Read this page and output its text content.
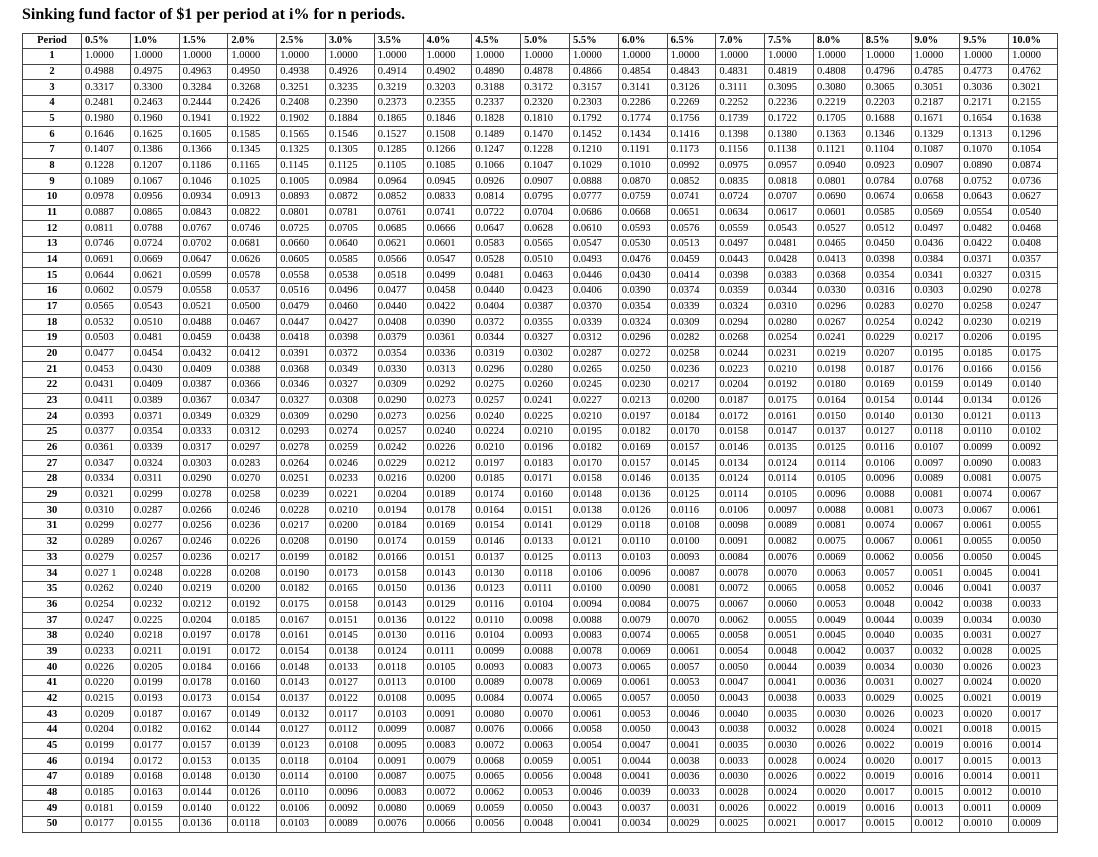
Sinking fund factor of $1 per period at i% for n periods.
Period	0.5%	1.0%	1.5%	2.0%	2.5%	3.0%	3.5%	4.0%	4.5%	5.0%	5.5%	6.0%	6.5%	7.0%	7.5%	8.0%	8.5%	9.0%	9.5%	10.0%
1	1.0000	1.0000	1.0000	1.0000	1.0000	1.0000	1.0000	1.0000	1.0000	1.0000	1.0000	1.0000	1.0000	1.0000	1.0000	1.0000	1.0000	1.0000	1.0000	1.0000
2	0.4988	0.4975	0.4963	0.4950	0.4938	0.4926	0.4914	0.4902	0.4890	0.4878	0.4866	0.4854	0.4843	0.4831	0.4819	0.4808	0.4796	0.4785	0.4773	0.4762
3	0.3317	0.3300	0.3284	0.3268	0.3251	0.3235	0.3219	0.3203	0.3188	0.3172	0.3157	0.3141	0.3126	0.3111	0.3095	0.3080	0.3065	0.3051	0.3036	0.3021
4	0.2481	0.2463	0.2444	0.2426	0.2408	0.2390	0.2373	0.2355	0.2337	0.2320	0.2303	0.2286	0.2269	0.2252	0.2236	0.2219	0.2203	0.2187	0.2171	0.2155
5	0.1980	0.1960	0.1941	0.1922	0.1902	0.1884	0.1865	0.1846	0.1828	0.1810	0.1792	0.1774	0.1756	0.1739	0.1722	0.1705	0.1688	0.1671	0.1654	0.1638
6	0.1646	0.1625	0.1605	0.1585	0.1565	0.1546	0.1527	0.1508	0.1489	0.1470	0.1452	0.1434	0.1416	0.1398	0.1380	0.1363	0.1346	0.1329	0.1313	0.1296
7	0.1407	0.1386	0.1366	0.1345	0.1325	0.1305	0.1285	0.1266	0.1247	0.1228	0.1210	0.1191	0.1173	0.1156	0.1138	0.1121	0.1104	0.1087	0.1070	0.1054
8	0.1228	0.1207	0.1186	0.1165	0.1145	0.1125	0.1105	0.1085	0.1066	0.1047	0.1029	0.1010	0.0992	0.0975	0.0957	0.0940	0.0923	0.0907	0.0890	0.0874
9	0.1089	0.1067	0.1046	0.1025	0.1005	0.0984	0.0964	0.0945	0.0926	0.0907	0.0888	0.0870	0.0852	0.0835	0.0818	0.0801	0.0784	0.0768	0.0752	0.0736
10	0.0978	0.0956	0.0934	0.0913	0.0893	0.0872	0.0852	0.0833	0.0814	0.0795	0.0777	0.0759	0.0741	0.0724	0.0707	0.0690	0.0674	0.0658	0.0643	0.0627
11	0.0887	0.0865	0.0843	0.0822	0.0801	0.0781	0.0761	0.0741	0.0722	0.0704	0.0686	0.0668	0.0651	0.0634	0.0617	0.0601	0.0585	0.0569	0.0554	0.0540
12	0.0811	0.0788	0.0767	0.0746	0.0725	0.0705	0.0685	0.0666	0.0647	0.0628	0.0610	0.0593	0.0576	0.0559	0.0543	0.0527	0.0512	0.0497	0.0482	0.0468
13	0.0746	0.0724	0.0702	0.0681	0.0660	0.0640	0.0621	0.0601	0.0583	0.0565	0.0547	0.0530	0.0513	0.0497	0.0481	0.0465	0.0450	0.0436	0.0422	0.0408
14	0.0691	0.0669	0.0647	0.0626	0.0605	0.0585	0.0566	0.0547	0.0528	0.0510	0.0493	0.0476	0.0459	0.0443	0.0428	0.0413	0.0398	0.0384	0.0371	0.0357
15	0.0644	0.0621	0.0599	0.0578	0.0558	0.0538	0.0518	0.0499	0.0481	0.0463	0.0446	0.0430	0.0414	0.0398	0.0383	0.0368	0.0354	0.0341	0.0327	0.0315
16	0.0602	0.0579	0.0558	0.0537	0.0516	0.0496	0.0477	0.0458	0.0440	0.0423	0.0406	0.0390	0.0374	0.0359	0.0344	0.0330	0.0316	0.0303	0.0290	0.0278
17	0.0565	0.0543	0.0521	0.0500	0.0479	0.0460	0.0440	0.0422	0.0404	0.0387	0.0370	0.0354	0.0339	0.0324	0.0310	0.0296	0.0283	0.0270	0.0258	0.0247
18	0.0532	0.0510	0.0488	0.0467	0.0447	0.0427	0.0408	0.0390	0.0372	0.0355	0.0339	0.0324	0.0309	0.0294	0.0280	0.0267	0.0254	0.0242	0.0230	0.0219
19	0.0503	0.0481	0.0459	0.0438	0.0418	0.0398	0.0379	0.0361	0.0344	0.0327	0.0312	0.0296	0.0282	0.0268	0.0254	0.0241	0.0229	0.0217	0.0206	0.0195
20	0.0477	0.0454	0.0432	0.0412	0.0391	0.0372	0.0354	0.0336	0.0319	0.0302	0.0287	0.0272	0.0258	0.0244	0.0231	0.0219	0.0207	0.0195	0.0185	0.0175
21	0.0453	0.0430	0.0409	0.0388	0.0368	0.0349	0.0330	0.0313	0.0296	0.0280	0.0265	0.0250	0.0236	0.0223	0.0210	0.0198	0.0187	0.0176	0.0166	0.0156
22	0.0431	0.0409	0.0387	0.0366	0.0346	0.0327	0.0309	0.0292	0.0275	0.0260	0.0245	0.0230	0.0217	0.0204	0.0192	0.0180	0.0169	0.0159	0.0149	0.0140
23	0.0411	0.0389	0.0367	0.0347	0.0327	0.0308	0.0290	0.0273	0.0257	0.0241	0.0227	0.0213	0.0200	0.0187	0.0175	0.0164	0.0154	0.0144	0.0134	0.0126
24	0.0393	0.0371	0.0349	0.0329	0.0309	0.0290	0.0273	0.0256	0.0240	0.0225	0.0210	0.0197	0.0184	0.0172	0.0161	0.0150	0.0140	0.0130	0.0121	0.0113
25	0.0377	0.0354	0.0333	0.0312	0.0293	0.0274	0.0257	0.0240	0.0224	0.0210	0.0195	0.0182	0.0170	0.0158	0.0147	0.0137	0.0127	0.0118	0.0110	0.0102
26	0.0361	0.0339	0.0317	0.0297	0.0278	0.0259	0.0242	0.0226	0.0210	0.0196	0.0182	0.0169	0.0157	0.0146	0.0135	0.0125	0.0116	0.0107	0.0099	0.0092
27	0.0347	0.0324	0.0303	0.0283	0.0264	0.0246	0.0229	0.0212	0.0197	0.0183	0.0170	0.0157	0.0145	0.0134	0.0124	0.0114	0.0106	0.0097	0.0090	0.0083
28	0.0334	0.0311	0.0290	0.0270	0.0251	0.0233	0.0216	0.0200	0.0185	0.0171	0.0158	0.0146	0.0135	0.0124	0.0114	0.0105	0.0096	0.0089	0.0081	0.0075
29	0.0321	0.0299	0.0278	0.0258	0.0239	0.0221	0.0204	0.0189	0.0174	0.0160	0.0148	0.0136	0.0125	0.0114	0.0105	0.0096	0.0088	0.0081	0.0074	0.0067
30	0.0310	0.0287	0.0266	0.0246	0.0228	0.0210	0.0194	0.0178	0.0164	0.0151	0.0138	0.0126	0.0116	0.0106	0.0097	0.0088	0.0081	0.0073	0.0067	0.0061
31	0.0299	0.0277	0.0256	0.0236	0.0217	0.0200	0.0184	0.0169	0.0154	0.0141	0.0129	0.0118	0.0108	0.0098	0.0089	0.0081	0.0074	0.0067	0.0061	0.0055
32	0.0289	0.0267	0.0246	0.0226	0.0208	0.0190	0.0174	0.0159	0.0146	0.0133	0.0121	0.0110	0.0100	0.0091	0.0082	0.0075	0.0067	0.0061	0.0055	0.0050
33	0.0279	0.0257	0.0236	0.0217	0.0199	0.0182	0.0166	0.0151	0.0137	0.0125	0.0113	0.0103	0.0093	0.0084	0.0076	0.0069	0.0062	0.0056	0.0050	0.0045
34	0.027 1	0.0248	0.0228	0.0208	0.0190	0.0173	0.0158	0.0143	0.0130	0.0118	0.0106	0.0096	0.0087	0.0078	0.0070	0.0063	0.0057	0.0051	0.0045	0.0041
35	0.0262	0.0240	0.0219	0.0200	0.0182	0.0165	0.0150	0.0136	0.0123	0.0111	0.0100	0.0090	0.0081	0.0072	0.0065	0.0058	0.0052	0.0046	0.0041	0.0037
36	0.0254	0.0232	0.0212	0.0192	0.0175	0.0158	0.0143	0.0129	0.0116	0.0104	0.0094	0.0084	0.0075	0.0067	0.0060	0.0053	0.0048	0.0042	0.0038	0.0033
37	0.0247	0.0225	0.0204	0.0185	0.0167	0.0151	0.0136	0.0122	0.0110	0.0098	0.0088	0.0079	0.0070	0.0062	0.0055	0.0049	0.0044	0.0039	0.0034	0.0030
38	0.0240	0.0218	0.0197	0.0178	0.0161	0.0145	0.0130	0.0116	0.0104	0.0093	0.0083	0.0074	0.0065	0.0058	0.0051	0.0045	0.0040	0.0035	0.0031	0.0027
39	0.0233	0.0211	0.0191	0.0172	0.0154	0.0138	0.0124	0.0111	0.0099	0.0088	0.0078	0.0069	0.0061	0.0054	0.0048	0.0042	0.0037	0.0032	0.0028	0.0025
40	0.0226	0.0205	0.0184	0.0166	0.0148	0.0133	0.0118	0.0105	0.0093	0.0083	0.0073	0.0065	0.0057	0.0050	0.0044	0.0039	0.0034	0.0030	0.0026	0.0023
41	0.0220	0.0199	0.0178	0.0160	0.0143	0.0127	0.0113	0.0100	0.0089	0.0078	0.0069	0.0061	0.0053	0.0047	0.0041	0.0036	0.0031	0.0027	0.0024	0.0020
42	0.0215	0.0193	0.0173	0.0154	0.0137	0.0122	0.0108	0.0095	0.0084	0.0074	0.0065	0.0057	0.0050	0.0043	0.0038	0.0033	0.0029	0.0025	0.0021	0.0019
43	0.0209	0.0187	0.0167	0.0149	0.0132	0.0117	0.0103	0.0091	0.0080	0.0070	0.0061	0.0053	0.0046	0.0040	0.0035	0.0030	0.0026	0.0023	0.0020	0.0017
44	0.0204	0.0182	0.0162	0.0144	0.0127	0.0112	0.0099	0.0087	0.0076	0.0066	0.0058	0.0050	0.0043	0.0038	0.0032	0.0028	0.0024	0.0021	0.0018	0.0015
45	0.0199	0.0177	0.0157	0.0139	0.0123	0.0108	0.0095	0.0083	0.0072	0.0063	0.0054	0.0047	0.0041	0.0035	0.0030	0.0026	0.0022	0.0019	0.0016	0.0014
46	0.0194	0.0172	0.0153	0.0135	0.0118	0.0104	0.0091	0.0079	0.0068	0.0059	0.0051	0.0044	0.0038	0.0033	0.0028	0.0024	0.0020	0.0017	0.0015	0.0013
47	0.0189	0.0168	0.0148	0.0130	0.0114	0.0100	0.0087	0.0075	0.0065	0.0056	0.0048	0.0041	0.0036	0.0030	0.0026	0.0022	0.0019	0.0016	0.0014	0.0011
48	0.0185	0.0163	0.0144	0.0126	0.0110	0.0096	0.0083	0.0072	0.0062	0.0053	0.0046	0.0039	0.0033	0.0028	0.0024	0.0020	0.0017	0.0015	0.0012	0.0010
49	0.0181	0.0159	0.0140	0.0122	0.0106	0.0092	0.0080	0.0069	0.0059	0.0050	0.0043	0.0037	0.0031	0.0026	0.0022	0.0019	0.0016	0.0013	0.0011	0.0009
50	0.0177	0.0155	0.0136	0.0118	0.0103	0.0089	0.0076	0.0066	0.0056	0.0048	0.0041	0.0034	0.0029	0.0025	0.0021	0.0017	0.0015	0.0012	0.0010	0.0009
